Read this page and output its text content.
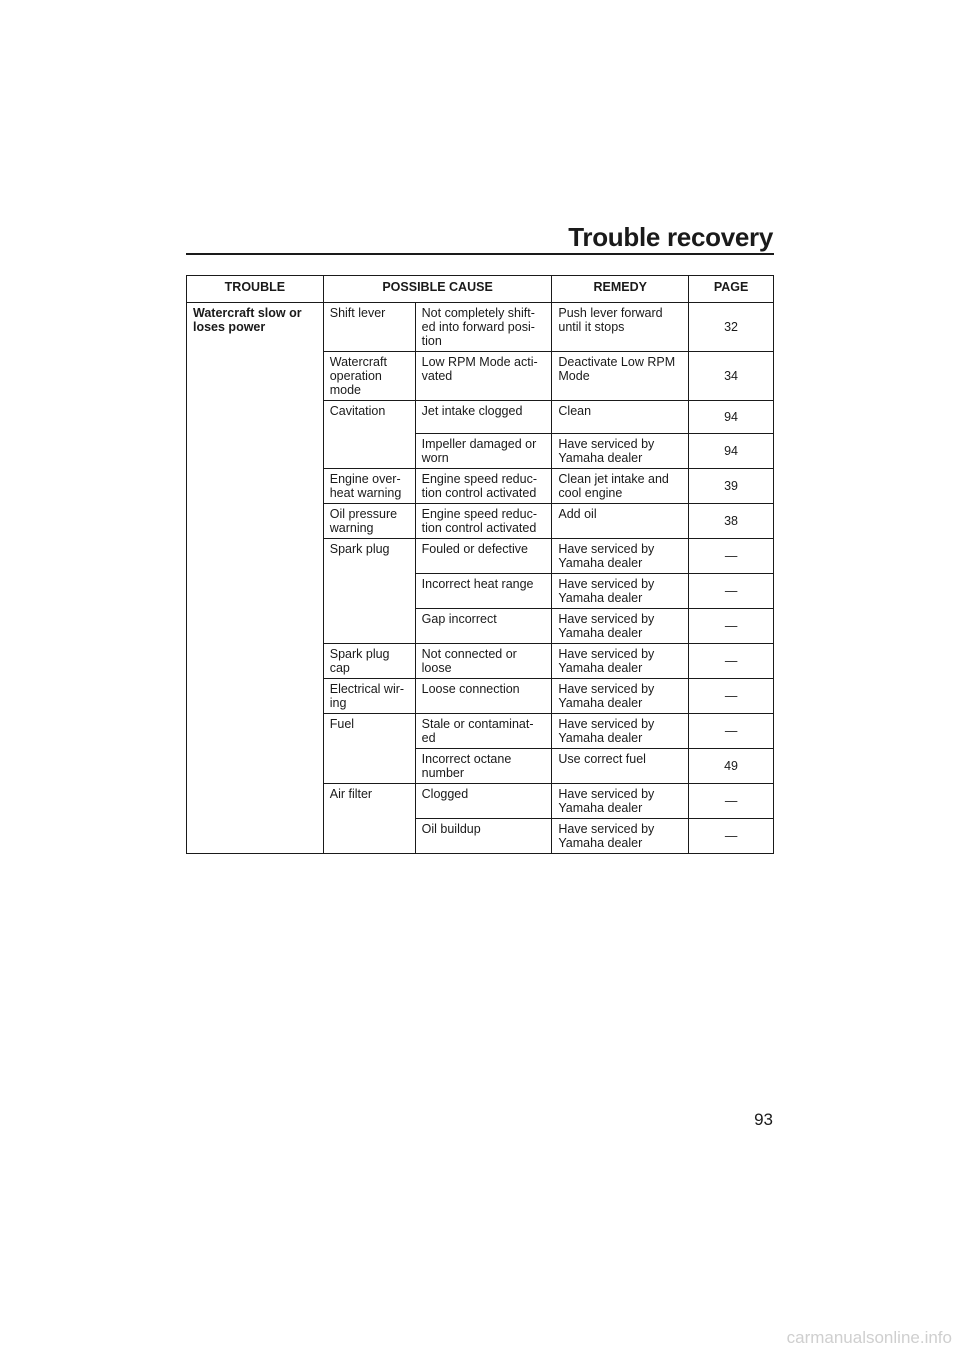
Trouble recovery
TROUBLE	POSSIBLE CAUSE		REMEDY	PAGE
Watercraft slow or loses power	Shift lever	Not completely shift-ed into forward posi-tion	Push lever forward until it stops	32
	Watercraft operation mode	Low RPM Mode acti-vated	Deactivate Low RPM Mode	34
	Cavitation	Jet intake clogged	Clean	94
		Impeller damaged or worn	Have serviced by Yamaha dealer	94
	Engine over-heat warning	Engine speed reduc-tion control activated	Clean jet intake and cool engine	39
	Oil pressure warning	Engine speed reduc-tion control activated	Add oil	38
	Spark plug	Fouled or defective	Have serviced by Yamaha dealer	—
		Incorrect heat range	Have serviced by Yamaha dealer	—
		Gap incorrect	Have serviced by Yamaha dealer	—
	Spark plug cap	Not connected or loose	Have serviced by Yamaha dealer	—
	Electrical wir-ing	Loose connection	Have serviced by Yamaha dealer	—
	Fuel	Stale or contaminat-ed	Have serviced by Yamaha dealer	—
		Incorrect octane number	Use correct fuel	49
	Air filter	Clogged	Have serviced by Yamaha dealer	—
		Oil buildup	Have serviced by Yamaha dealer	—
93
carmanualsonline.info
